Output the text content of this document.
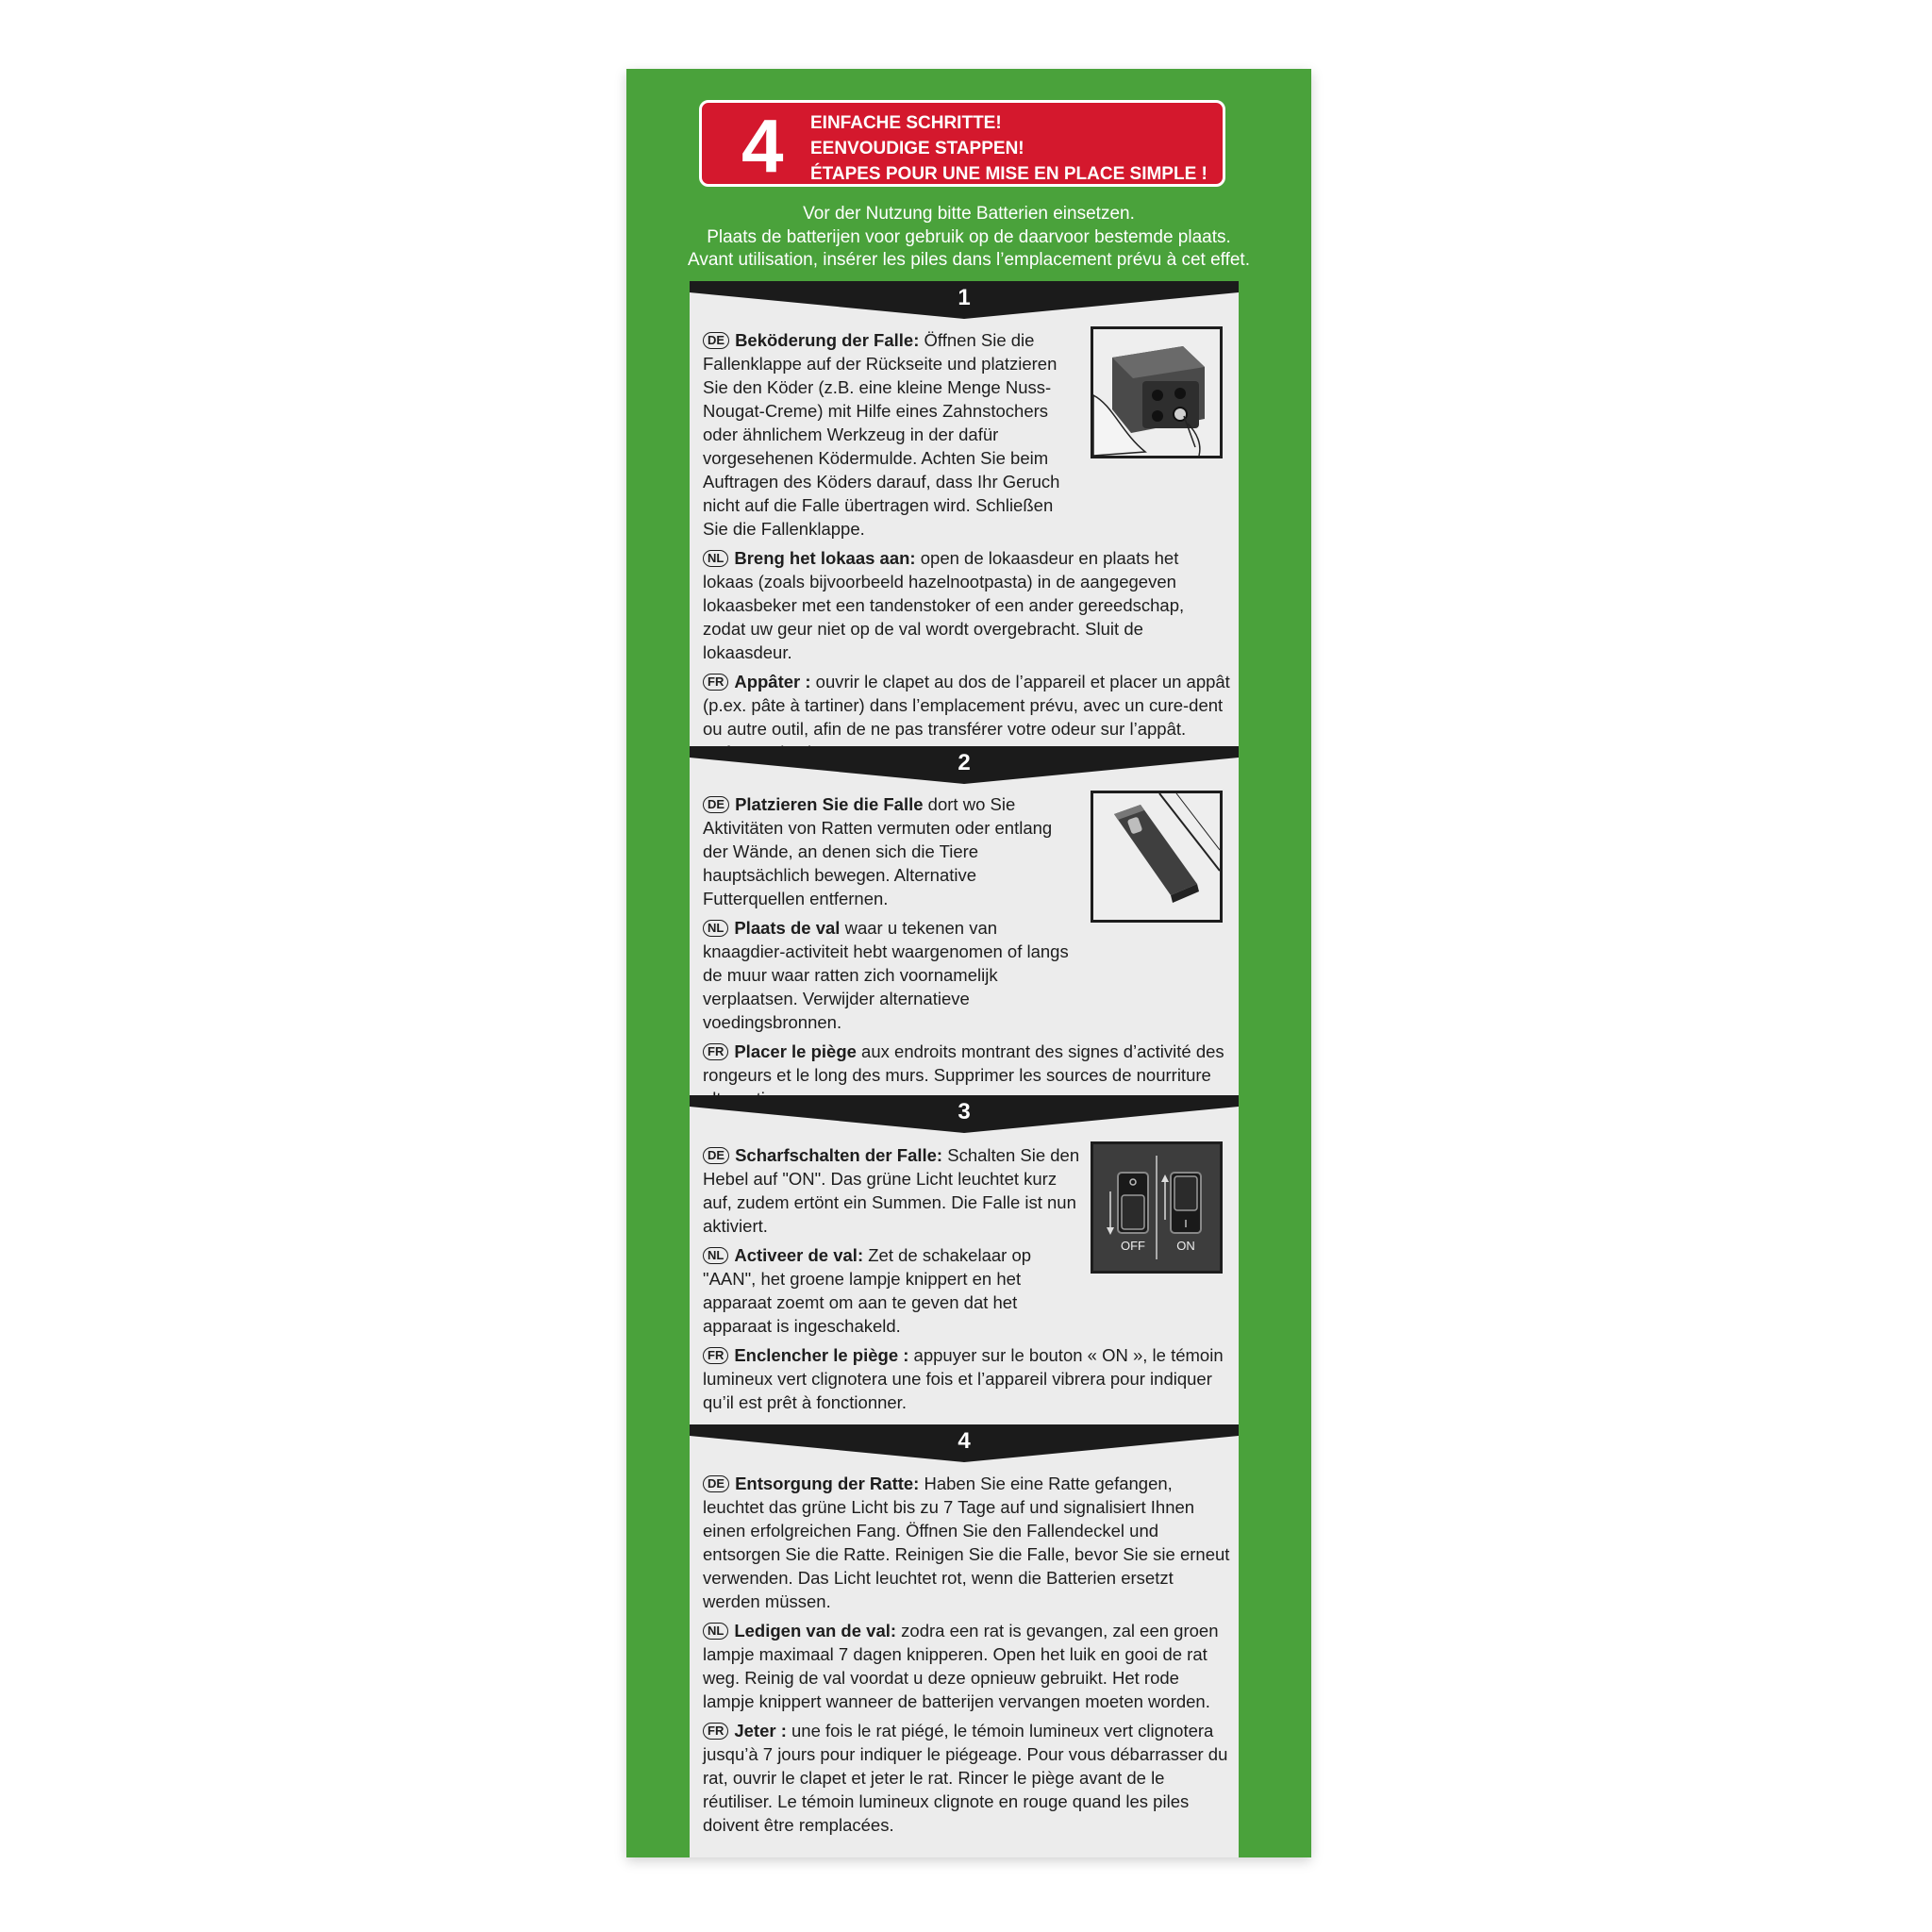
4 EINFACHE SCHRITTE!
EENVOUDIGE STAPPEN!
ÉTAPES POUR UNE MISE EN PLACE SIMPLE !
Vor der Nutzung bitte Batterien einsetzen.
Plaats de batterijen voor gebruik op de daarvoor bestemde plaats.
Avant utilisation, insérer les piles dans l’emplacement prévu à cet effet.
1

DE Beköderung der Falle: Öffnen Sie die Fallenklappe auf der Rückseite und platzieren Sie den Köder (z.B. eine kleine Menge Nuss-Nougat-Creme) mit Hilfe eines Zahnstochers oder ähnlichem Werkzeug in der dafür vorgesehenen Ködermulde. Achten Sie beim Auftragen des Köders darauf, dass Ihr Geruch nicht auf die Falle übertragen wird. Schließen Sie die Fallenklappe.

NL Breng het lokaas aan: open de lokaasdeur en plaats het lokaas (zoals bijvoorbeeld hazelnootpasta) in de aangegeven lokaasbeker met een tandenstoker of een ander gereedschap, zodat uw geur niet op de val wordt overgebracht. Sluit de lokaasdeur.

FR Appâter : ouvrir le clapet au dos de l’appareil et placer un appât (p.ex. pâte à tartiner) dans l’emplacement prévu, avec un cure-dent ou autre outil, afin de ne pas transférer votre odeur sur l’appât.

2

DE Platzieren Sie die Falle dort wo Sie Aktivitäten von Ratten vermuten oder entlang der Wände, an denen sich die Tiere hauptsächlich bewegen. Alternative Futterquellen entfernen.

NL Plaats de val waar u tekenen van knaagdier-activiteit hebt waargenomen of langs de muur waar ratten zich voornamelijk verplaatsen. Verwijder alternatieve voedingsbronnen.

FR Placer le piège aux endroits montrant des signes d’activité des rongeurs et le long des murs. Supprimer les sources de nourriture

3
OFF	ON

DE Scharfschalten der Falle: Schalten Sie den Hebel auf "ON". Das grüne Licht leuchtet kurz auf, zudem ertönt ein Summen. Die Falle ist nun aktiviert.

NL Activeer de val: Zet de schakelaar op "AAN", het groene lampje knippert en het apparaat zoemt om aan te geven dat het apparaat is ingeschakeld.

FR Enclencher le piège : appuyer sur le bouton « ON », le témoin lumineux vert clignotera une fois et l’appareil vibrera pour indiquer qu’il est prêt à fonctionner.

4

DE Entsorgung der Ratte: Haben Sie eine Ratte gefangen, leuchtet das grüne Licht bis zu 7 Tage auf und signalisiert Ihnen einen erfolgreichen Fang. Öffnen Sie den Fallendeckel und entsorgen Sie die Ratte. Reinigen Sie die Falle, bevor Sie sie erneut verwenden. Das Licht leuchtet rot, wenn die Batterien ersetzt werden müssen.

NL Ledigen van de val: zodra een rat is gevangen, zal een groen lampje maximaal 7 dagen knipperen. Open het luik en gooi de rat weg. Reinig de val voordat u deze opnieuw gebruikt. Het rode lampje knippert wanneer de batterijen vervangen moeten worden.

FR Jeter : une fois le rat piégé, le témoin lumineux vert clignotera jusqu’à 7 jours pour indiquer le piégeage. Pour vous débarrasser du rat, ouvrir le clapet et jeter le rat. Rincer le piège avant de le réutiliser. Le témoin lumineux clignote en rouge quand les piles doivent être remplacées.
